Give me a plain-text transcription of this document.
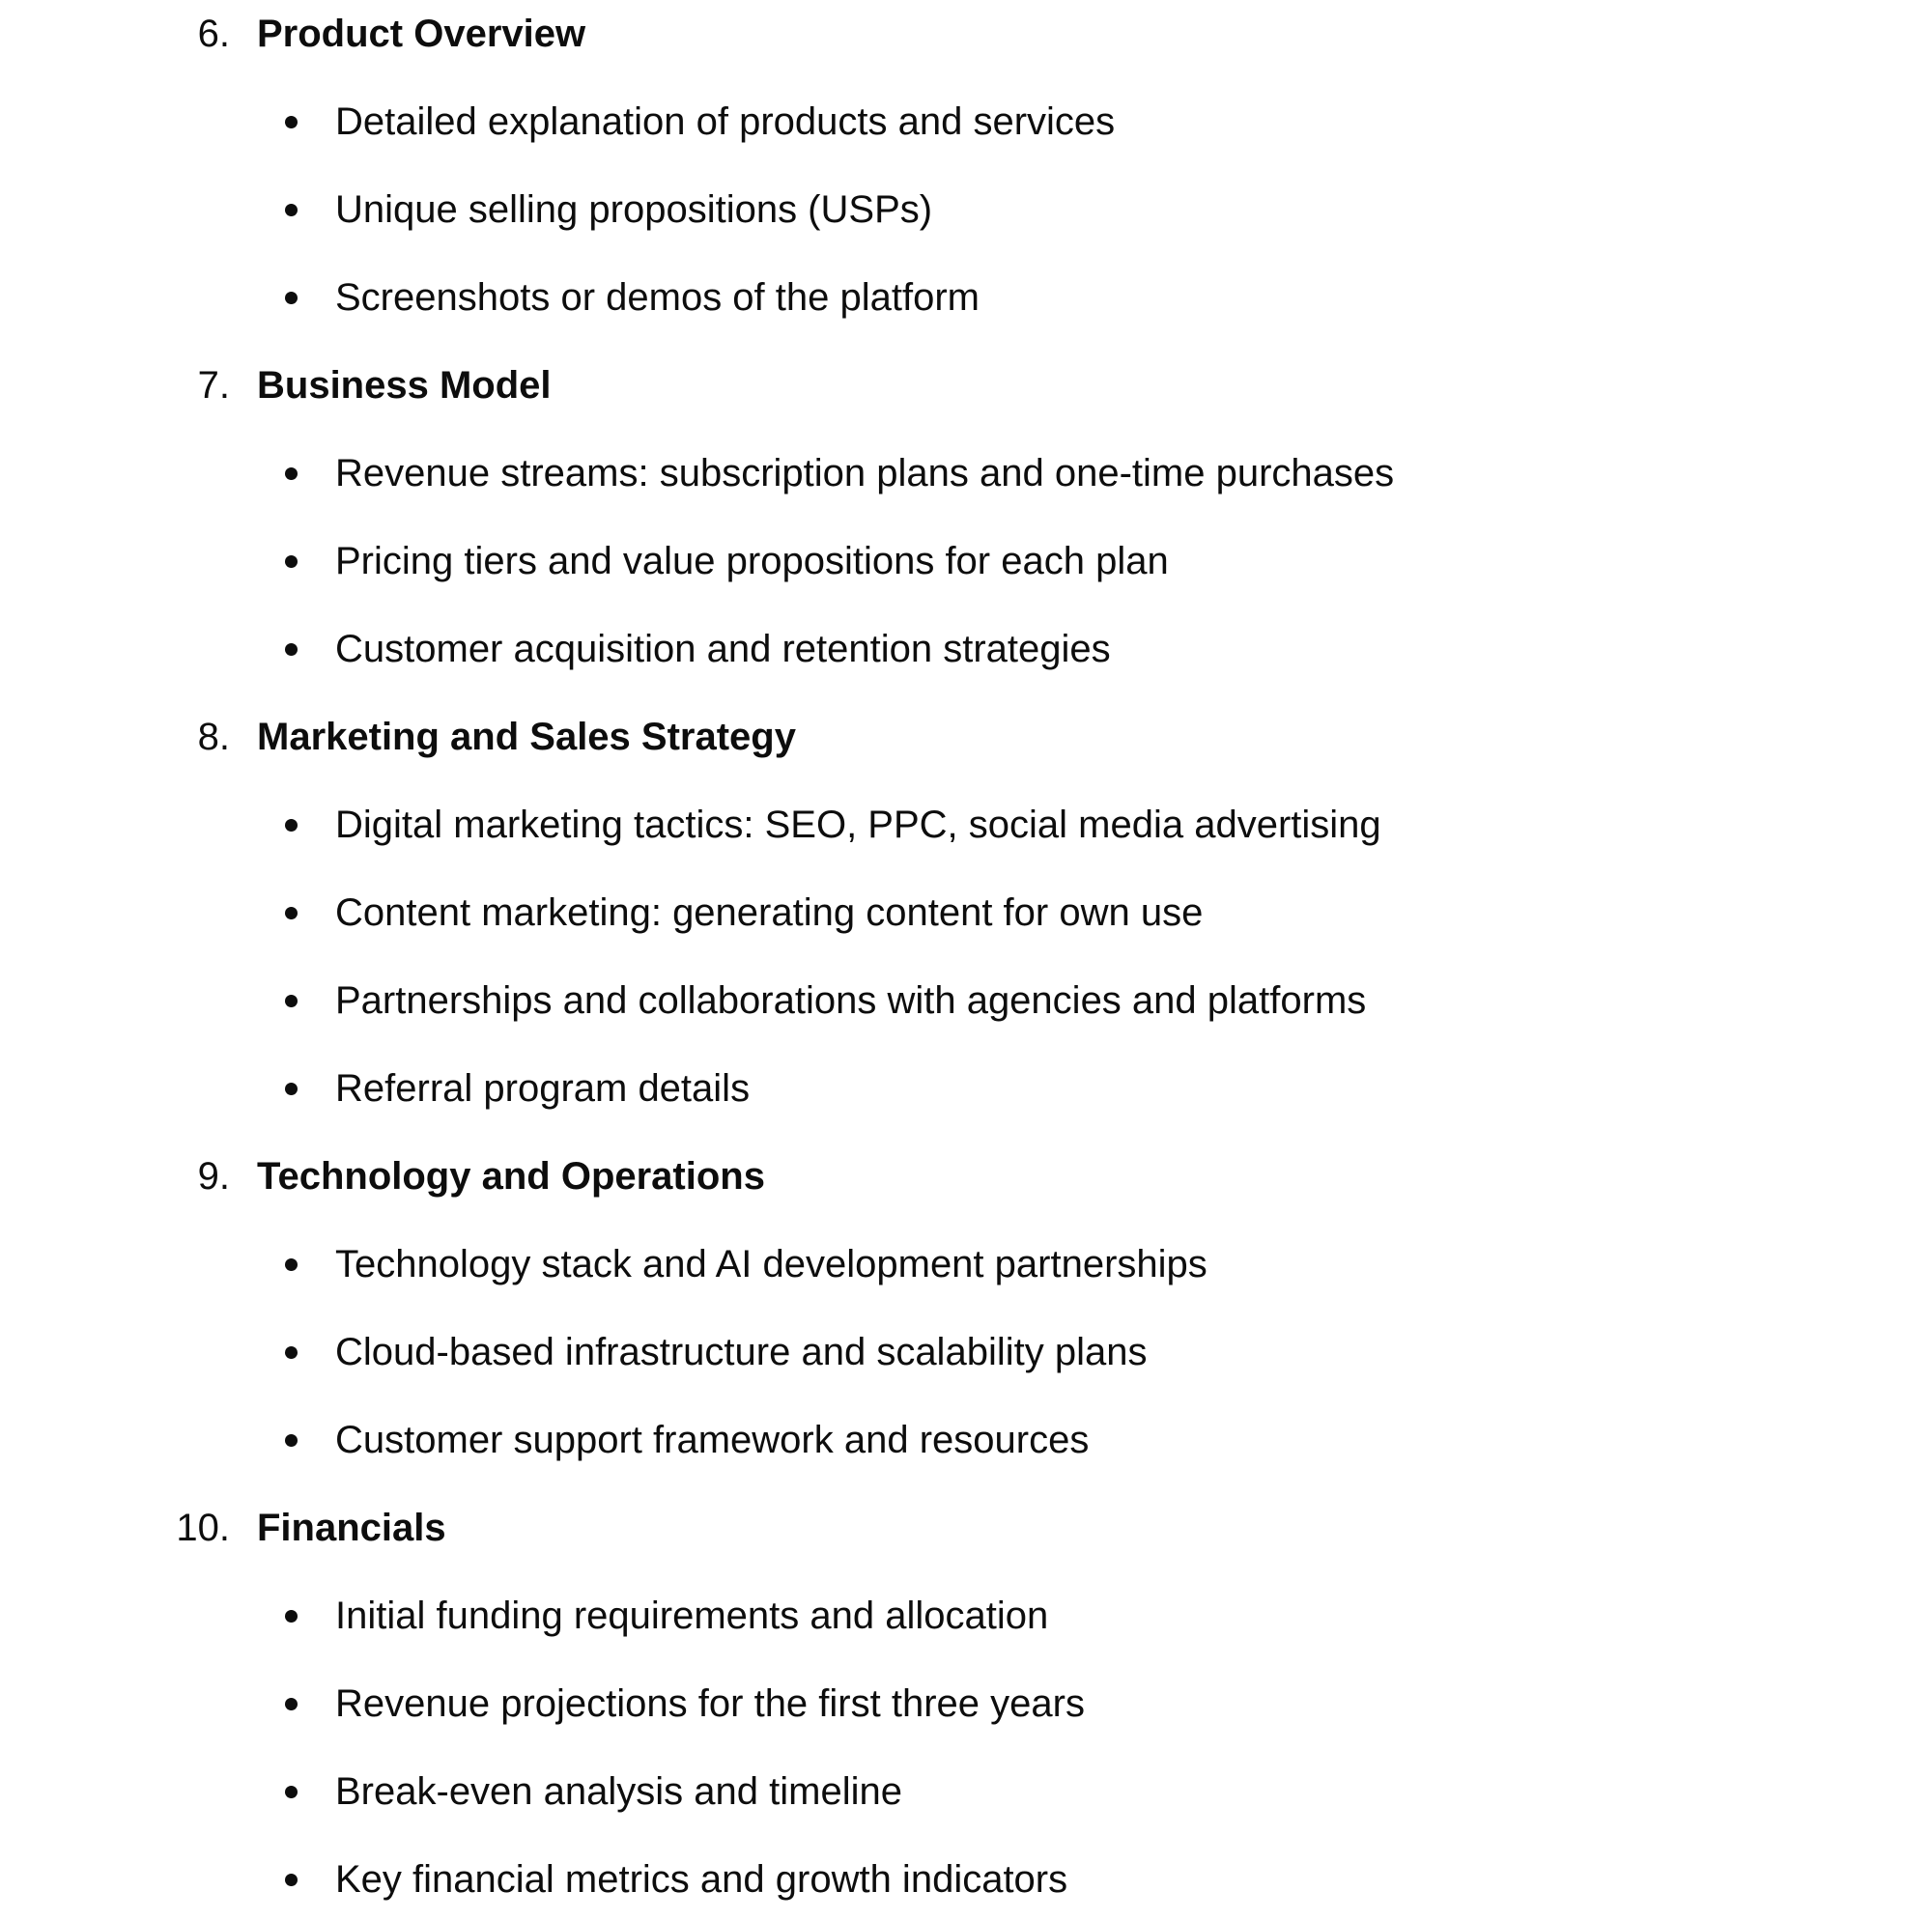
6. Product Overview
Detailed explanation of products and services
Unique selling propositions (USPs)
Screenshots or demos of the platform
7. Business Model
Revenue streams: subscription plans and one-time purchases
Pricing tiers and value propositions for each plan
Customer acquisition and retention strategies
8. Marketing and Sales Strategy
Digital marketing tactics: SEO, PPC, social media advertising
Content marketing: generating content for own use
Partnerships and collaborations with agencies and platforms
Referral program details
9. Technology and Operations
Technology stack and AI development partnerships
Cloud-based infrastructure and scalability plans
Customer support framework and resources
10. Financials
Initial funding requirements and allocation
Revenue projections for the first three years
Break-even analysis and timeline
Key financial metrics and growth indicators
